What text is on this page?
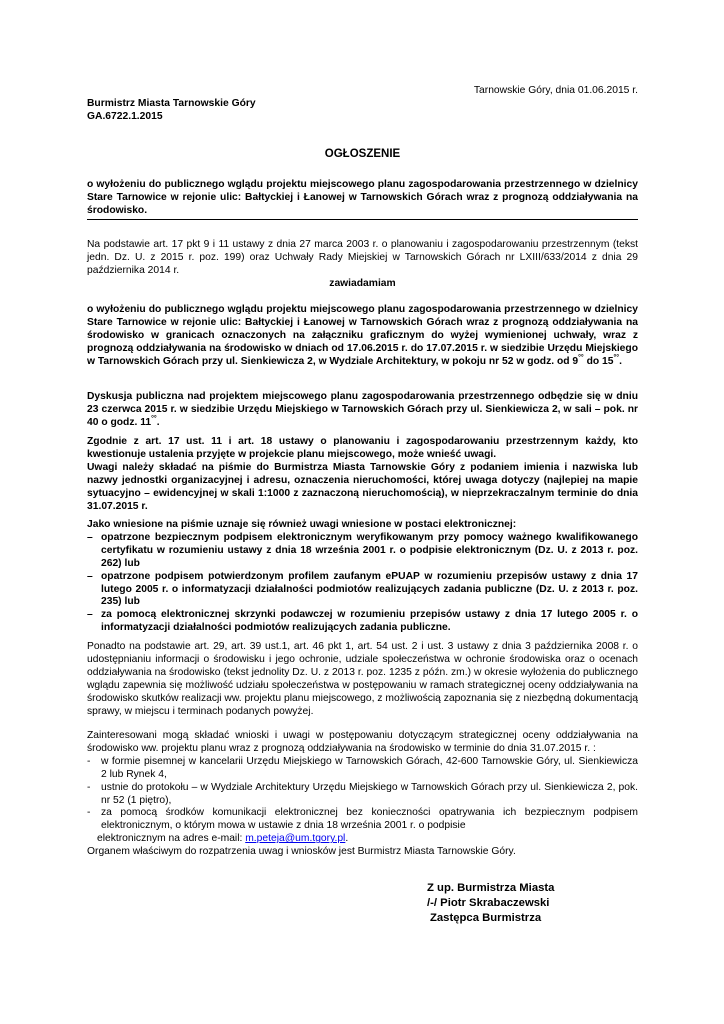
Tarnowskie Góry, dnia 01.06.2015 r.

Burmistrz Miasta Tarnowskie Góry

GA.6722.1.2015

OGŁOSZENIE

o wyłożeniu do publicznego wglądu projektu miejscowego planu zagospodarowania przestrzennego w dzielnicy Stare Tarnowice w rejonie ulic: Bałtyckiej i Łanowej w Tarnowskich Górach wraz z prognozą oddziaływania na środowisko.

Na podstawie art. 17 pkt 9 i 11 ustawy z dnia 27 marca 2003 r. o planowaniu i zagospodarowaniu przestrzennym (tekst jedn. Dz. U. z 2015 r. poz. 199) oraz Uchwały Rady Miejskiej w Tarnowskich Górach nr LXIII/633/2014 z dnia 29 października 2014 r.

zawiadamiam

o wyłożeniu do publicznego wglądu projektu miejscowego planu zagospodarowania przestrzennego w dzielnicy Stare Tarnowice w rejonie ulic: Bałtyckiej i Łanowej w Tarnowskich Górach wraz z prognozą oddziaływania na środowisko w granicach oznaczonych na załączniku graficznym do wyżej wymienionej uchwały, wraz z prognozą oddziaływania na środowisko w dniach od 17.06.2015 r. do 17.07.2015 r. w siedzibie Urzędu Miejskiego w Tarnowskich Górach przy ul. Sienkiewicza 2, w Wydziale Architektury, w pokoju nr 52 w godz. od 9°° do 15°°.

Dyskusja publiczna nad projektem miejscowego planu zagospodarowania przestrzennego odbędzie się w dniu 23 czerwca 2015 r. w siedzibie Urzędu Miejskiego w Tarnowskich Górach przy ul. Sienkiewicza 2, w sali – pok. nr 40 o godz. 11°°.

Zgodnie z art. 17 ust. 11 i art. 18 ustawy o planowaniu i zagospodarowaniu przestrzennym każdy, kto kwestionuje ustalenia przyjęte w projekcie planu miejscowego, może wnieść uwagi.

Uwagi należy składać na piśmie do Burmistrza Miasta Tarnowskie Góry z podaniem imienia i nazwiska lub nazwy jednostki organizacyjnej i adresu, oznaczenia nieruchomości, której uwaga dotyczy (najlepiej na mapie sytuacyjno – ewidencyjnej w skali 1:1000 z zaznaczoną nieruchomością), w nieprzekraczalnym terminie do dnia 31.07.2015 r.

Jako wniesione na piśmie uznaje się również uwagi wniesione w postaci elektronicznej:

– opatrzone bezpiecznym podpisem elektronicznym weryfikowanym przy pomocy ważnego kwalifikowanego certyfikatu w rozumieniu ustawy z dnia 18 września 2001 r. o podpisie elektronicznym (Dz. U. z 2013 r. poz. 262) lub
– opatrzone podpisem potwierdzonym profilem zaufanym ePUAP w rozumieniu przepisów ustawy z dnia 17 lutego 2005 r. o informatyzacji działalności podmiotów realizujących zadania publiczne (Dz. U. z 2013 r. poz. 235) lub
– za pomocą elektronicznej skrzynki podawczej w rozumieniu przepisów ustawy z dnia 17 lutego 2005 r. o informatyzacji działalności podmiotów realizujących zadania publiczne.

Ponadto na podstawie art. 29, art. 39 ust.1, art. 46 pkt 1, art. 54 ust. 2 i ust. 3 ustawy z dnia 3 października 2008 r. o udostępnianiu informacji o środowisku i jego ochronie, udziale społeczeństwa w ochronie środowiska oraz o ocenach oddziaływania na środowisko (tekst jednolity Dz. U. z 2013 r. poz. 1235 z późn. zm.) w okresie wyłożenia do publicznego wglądu zapewnia się możliwość udziału społeczeństwa w postępowaniu w ramach strategicznej oceny oddziaływania na środowisko skutków realizacji ww. projektu planu miejscowego, z możliwością zapoznania się z niezbędną dokumentacją sprawy, w miejscu i terminach podanych powyżej.

Zainteresowani mogą składać wnioski i uwagi w postępowaniu dotyczącym strategicznej oceny oddziaływania na środowisko ww. projektu planu wraz z prognozą oddziaływania na środowisko w terminie do dnia 31.07.2015 r. :

- w formie pisemnej w kancelarii Urzędu Miejskiego w Tarnowskich Górach, 42-600 Tarnowskie Góry, ul. Sienkiewicza 2 lub Rynek 4,
- ustnie do protokołu – w Wydziale Architektury Urzędu Miejskiego w Tarnowskich Górach przy ul. Sienkiewicza 2, pok. nr 52 (1 piętro),
- za pomocą środków komunikacji elektronicznej bez konieczności opatrywania ich bezpiecznym podpisem elektronicznym, o którym mowa w ustawie z dnia 18 września 2001 r. o podpisie

elektronicznym na adres e-mail: m.peteja@um.tgory.pl.

Organem właściwym do rozpatrzenia uwag i wniosków jest Burmistrz Miasta Tarnowskie Góry.

Z up. Burmistrza Miasta

/-/ Piotr Skrabaczewski

Zastępca Burmistrza
